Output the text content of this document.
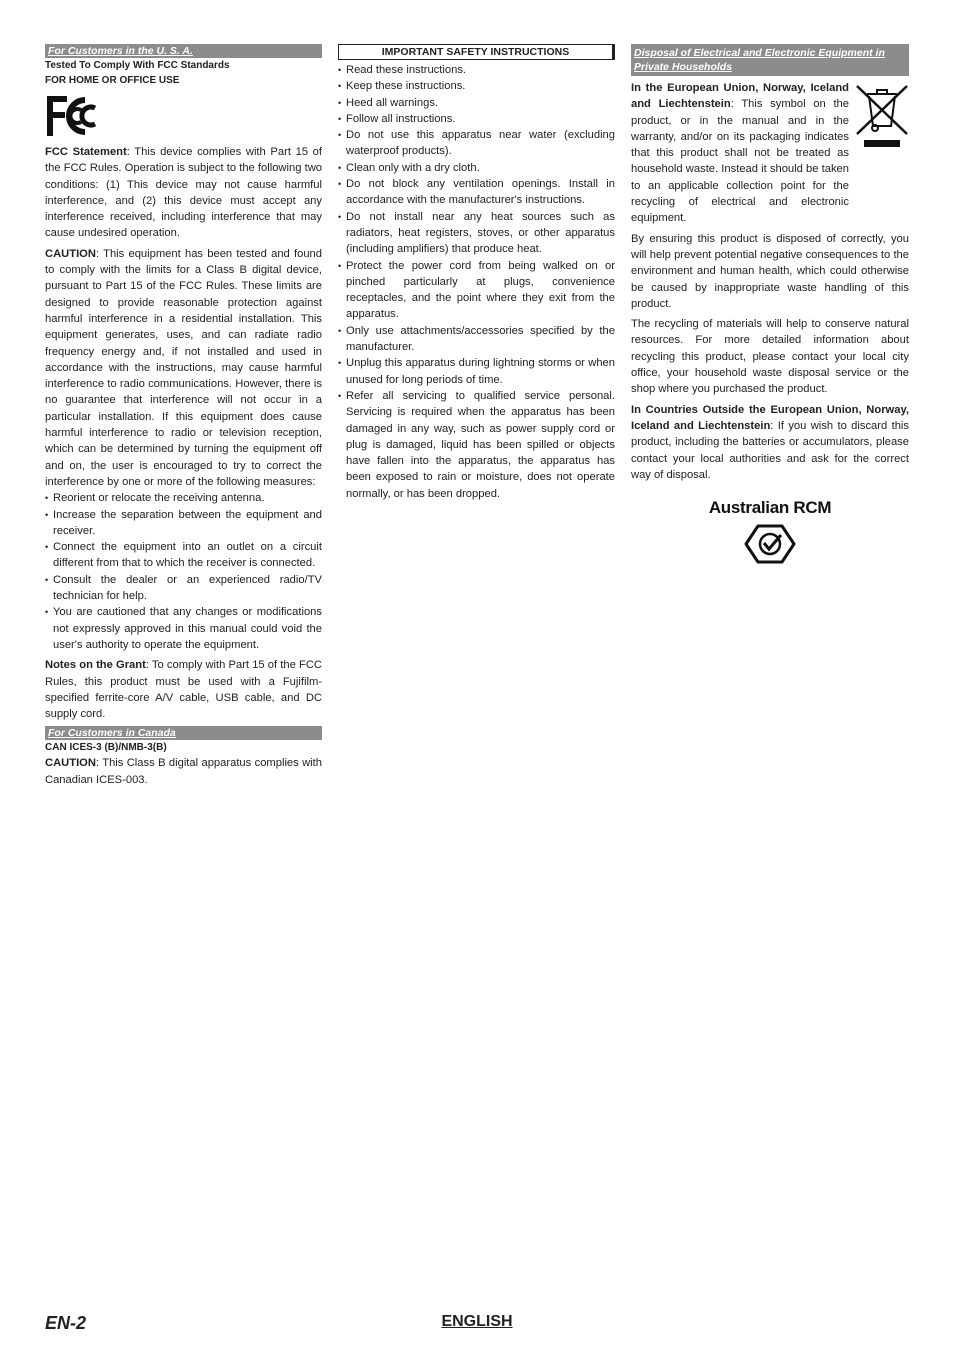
For Customers in the U. S. A.
Tested To Comply With FCC Standards
FOR HOME OR OFFICE USE

FCC Statement: This device complies with Part 15 of the FCC Rules. Operation is subject to the following two conditions: (1) This device may not cause harmful interference, and (2) this device must accept any interference received, including interference that may cause undesired operation.

CAUTION: This equipment has been tested and found to comply with the limits for a Class B digital device, pursuant to Part 15 of the FCC Rules. These limits are designed to provide reasonable protection against harmful interference in a residential installation. This equipment generates, uses, and can radiate radio frequency energy and, if not installed and used in accordance with the instructions, may cause harmful interference to radio communications. However, there is no guarantee that interference will not occur in a particular installation. If this equipment does cause harmful interference to radio or television reception, which can be determined by turning the equipment off and on, the user is encouraged to try to correct the interference by one or more of the following measures:

• Reorient or relocate the receiving antenna.
• Increase the separation between the equipment and receiver.
• Connect the equipment into an outlet on a circuit different from that to which the receiver is connected.
• Consult the dealer or an experienced radio/TV technician for help.
• You are cautioned that any changes or modifications not expressly approved in this manual could void the user's authority to operate the equipment.

Notes on the Grant: To comply with Part 15 of the FCC Rules, this product must be used with a Fujifilm-specified ferrite-core A/V cable, USB cable, and DC supply cord.

For Customers in Canada
CAN ICES-3 (B)/NMB-3(B)

CAUTION: This Class B digital apparatus complies with Canadian ICES-003.

IMPORTANT SAFETY INSTRUCTIONS
• Read these instructions.
• Keep these instructions.
• Heed all warnings.
• Follow all instructions.
• Do not use this apparatus near water (excluding waterproof products).
• Clean only with a dry cloth.
• Do not block any ventilation openings. Install in accordance with the manufacturer's instructions.
• Do not install near any heat sources such as radiators, heat registers, stoves, or other apparatus (including amplifiers) that produce heat.
• Protect the power cord from being walked on or pinched particularly at plugs, convenience receptacles, and the point where they exit from the apparatus.
• Only use attachments/accessories specified by the manufacturer.
• Unplug this apparatus during lightning storms or when unused for long periods of time.
• Refer all servicing to qualified service personal. Servicing is required when the apparatus has been damaged in any way, such as power supply cord or plug is damaged, liquid has been spilled or objects have fallen into the apparatus, the apparatus has been exposed to rain or moisture, does not operate normally, or has been dropped.
Disposal of Electrical and Electronic Equipment in Private Households

In the European Union, Norway, Iceland and Liechtenstein: This symbol on the product, or in the manual and in the warranty, and/or on its packaging indicates that this product shall not be treated as household waste. Instead it should be taken to an applicable collection point for the recycling of electrical and electronic equipment.

By ensuring this product is disposed of correctly, you will help prevent potential negative consequences to the environment and human health, which could otherwise be caused by inappropriate waste handling of this product.

The recycling of materials will help to conserve natural resources. For more detailed information about recycling this product, please contact your local city office, your household waste disposal service or the shop where you purchased the product.

In Countries Outside the European Union, Norway, Iceland and Liechtenstein: If you wish to discard this product, including the batteries or accumulators, please contact your local authorities and ask for the correct way of disposal.

Australian RCM
EN-2	ENGLISH
